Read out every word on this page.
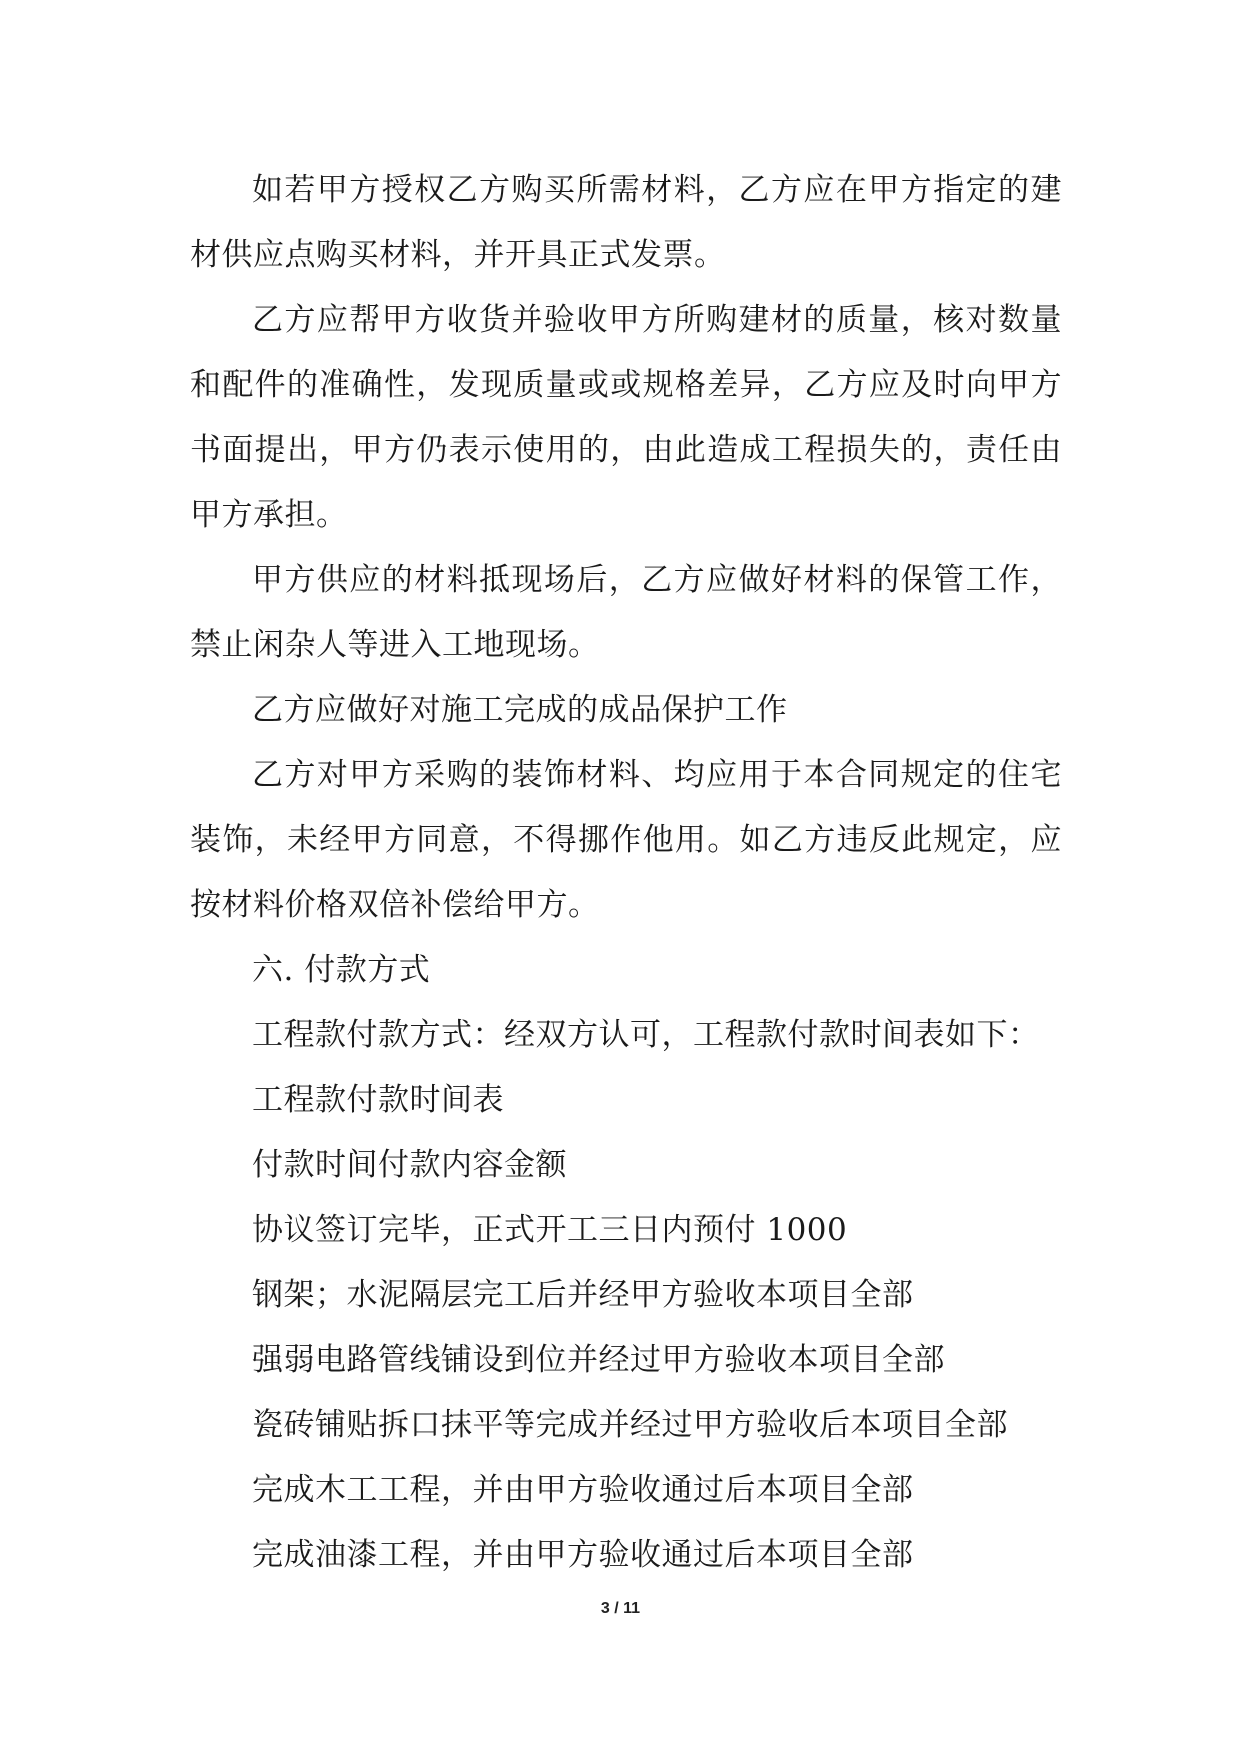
如若甲方授权乙方购买所需材料，乙方应在甲方指定的建材供应点购买材料，并开具正式发票。

乙方应帮甲方收货并验收甲方所购建材的质量，核对数量和配件的准确性，发现质量或或规格差异，乙方应及时向甲方书面提出，甲方仍表示使用的，由此造成工程损失的，责任由甲方承担。

甲方供应的材料抵现场后，乙方应做好材料的保管工作，禁止闲杂人等进入工地现场。

乙方应做好对施工完成的成品保护工作

乙方对甲方采购的装饰材料、均应用于本合同规定的住宅装饰，未经甲方同意，不得挪作他用。如乙方违反此规定，应按材料价格双倍补偿给甲方。

六. 付款方式

工程款付款方式：经双方认可，工程款付款时间表如下：

工程款付款时间表

付款时间付款内容金额

协议签订完毕，正式开工三日内预付 1000

钢架；水泥隔层完工后并经甲方验收本项目全部

强弱电路管线铺设到位并经过甲方验收本项目全部

瓷砖铺贴拆口抹平等完成并经过甲方验收后本项目全部

完成木工工程，并由甲方验收通过后本项目全部

完成油漆工程，并由甲方验收通过后本项目全部

3 / 11
